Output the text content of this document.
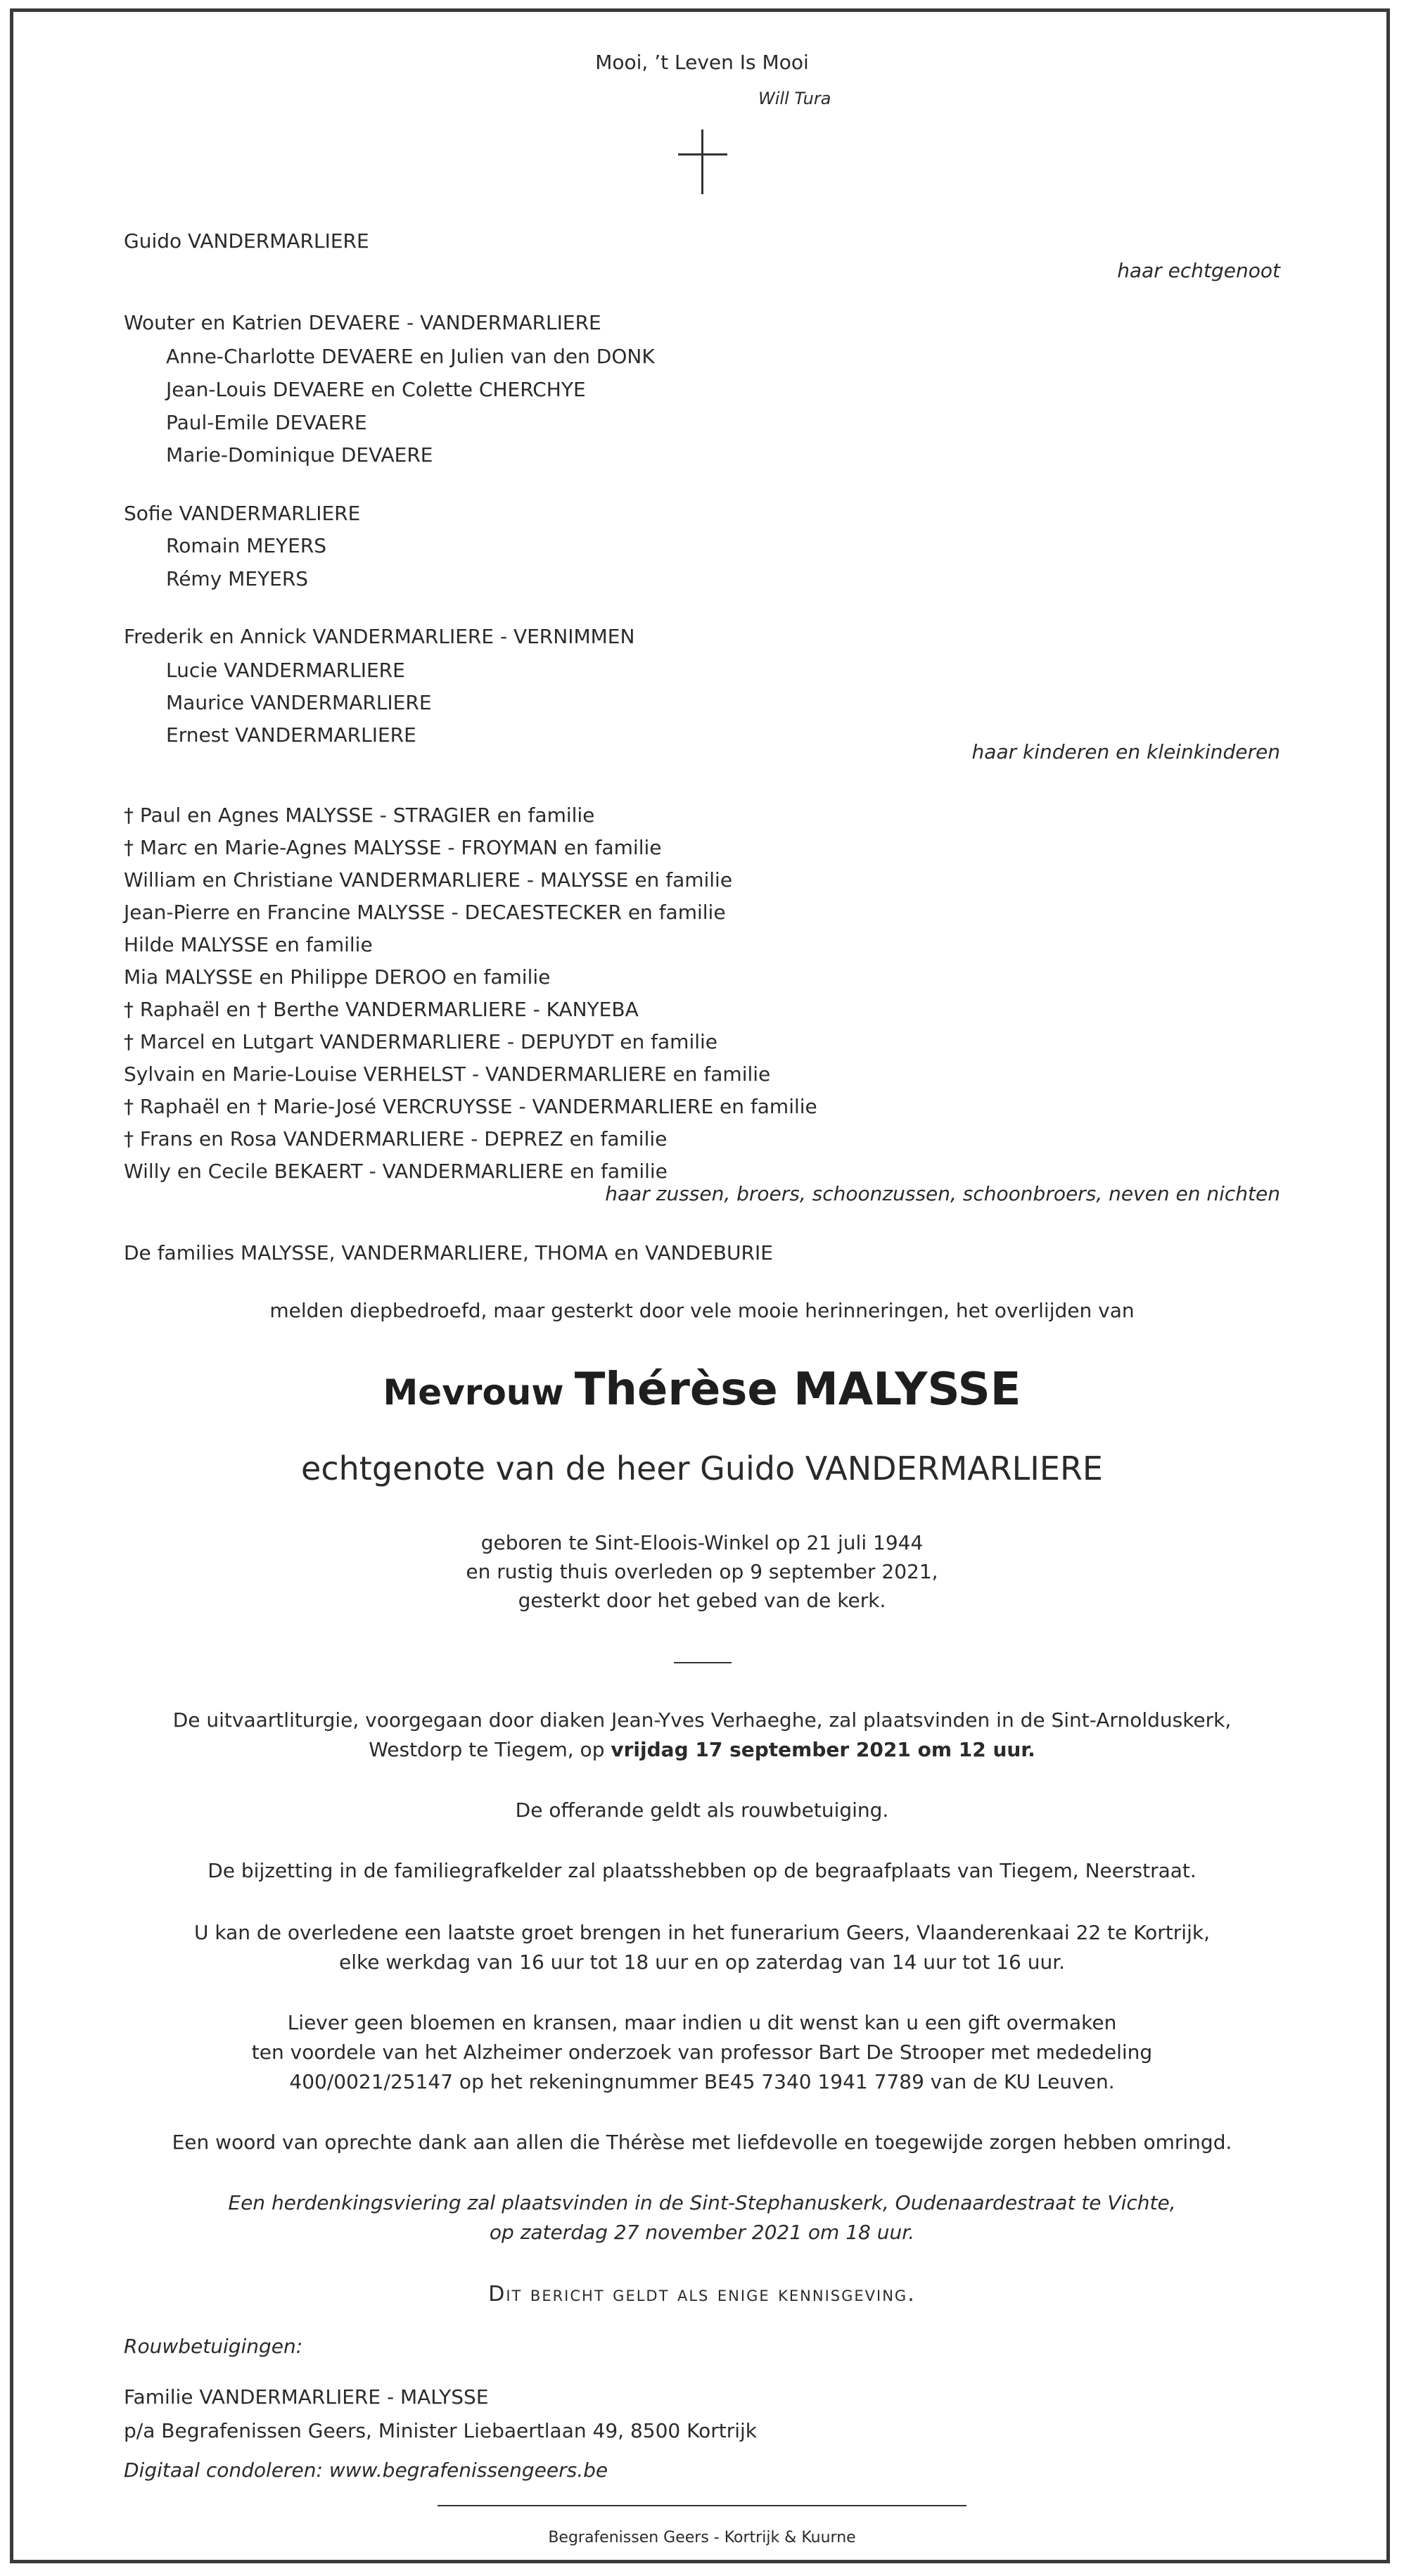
Mooi, ’t Leven Is Mooi
Will Tura
Guido VANDERMARLIERE
haar echtgenoot
Wouter en Katrien DEVAERE - VANDERMARLIERE
Anne-Charlotte DEVAERE en Julien van den DONK
Jean-Louis DEVAERE en Colette CHERCHYE
Paul-Emile DEVAERE
Marie-Dominique DEVAERE
Sofie VANDERMARLIERE
Romain MEYERS
Rémy MEYERS
Frederik en Annick VANDERMARLIERE - VERNIMMEN
Lucie VANDERMARLIERE
Maurice VANDERMARLIERE
Ernest VANDERMARLIERE
haar kinderen en kleinkinderen
† Paul en Agnes MALYSSE - STRAGIER en familie
† Marc en Marie-Agnes MALYSSE - FROYMAN en familie
William en Christiane VANDERMARLIERE - MALYSSE en familie
Jean-Pierre en Francine MALYSSE - DECAESTECKER en familie
Hilde MALYSSE en familie
Mia MALYSSE en Philippe DEROO en familie
† Raphaël en † Berthe VANDERMARLIERE - KANYEBA
† Marcel en Lutgart VANDERMARLIERE - DEPUYDT en familie
Sylvain en Marie-Louise VERHELST - VANDERMARLIERE en familie
† Raphaël en † Marie-José VERCRUYSSE - VANDERMARLIERE en familie
† Frans en Rosa VANDERMARLIERE - DEPREZ en familie
Willy en Cecile BEKAERT - VANDERMARLIERE en familie
haar zussen, broers, schoonzussen, schoonbroers, neven en nichten
De families MALYSSE, VANDERMARLIERE, THOMA en VANDEBURIE
melden diepbedroefd, maar gesterkt door vele mooie herinneringen, het overlijden van
Mevrouw Thérèse MALYSSE
echtgenote van de heer Guido VANDERMARLIERE
geboren te Sint-Eloois-Winkel op 21 juli 1944
en rustig thuis overleden op 9 september 2021,
gesterkt door het gebed van de kerk.
De uitvaartliturgie, voorgegaan door diaken Jean-Yves Verhaeghe, zal plaatsvinden in de Sint-Arnolduskerk,
Westdorp te Tiegem, op vrijdag 17 september 2021 om 12 uur.
De offerande geldt als rouwbetuiging.
De bijzetting in de familiegrafkelder zal plaatsshebben op de begraafplaats van Tiegem, Neerstraat.
U kan de overledene een laatste groet brengen in het funerarium Geers, Vlaanderenkaai 22 te Kortrijk,
elke werkdag van 16 uur tot 18 uur en op zaterdag van 14 uur tot 16 uur.
Liever geen bloemen en kransen, maar indien u dit wenst kan u een gift overmaken
ten voordele van het Alzheimer onderzoek van professor Bart De Strooper met mededeling
400/0021/25147 op het rekeningnummer BE45 7340 1941 7789 van de KU Leuven.
Een woord van oprechte dank aan allen die Thérèse met liefdevolle en toegewijde zorgen hebben omringd.
Een herdenkingsviering zal plaatsvinden in de Sint-Stephanuskerk, Oudenaardestraat te Vichte,
op zaterdag 27 november 2021 om 18 uur.
Dit bericht geldt als enige kennisgeving.
Rouwbetuigingen:
Familie VANDERMARLIERE - MALYSSE
p/a Begrafenissen Geers, Minister Liebaertlaan 49, 8500 Kortrijk
Digitaal condoleren: www.begrafenissengeers.be
Begrafenissen Geers - Kortrijk & Kuurne
